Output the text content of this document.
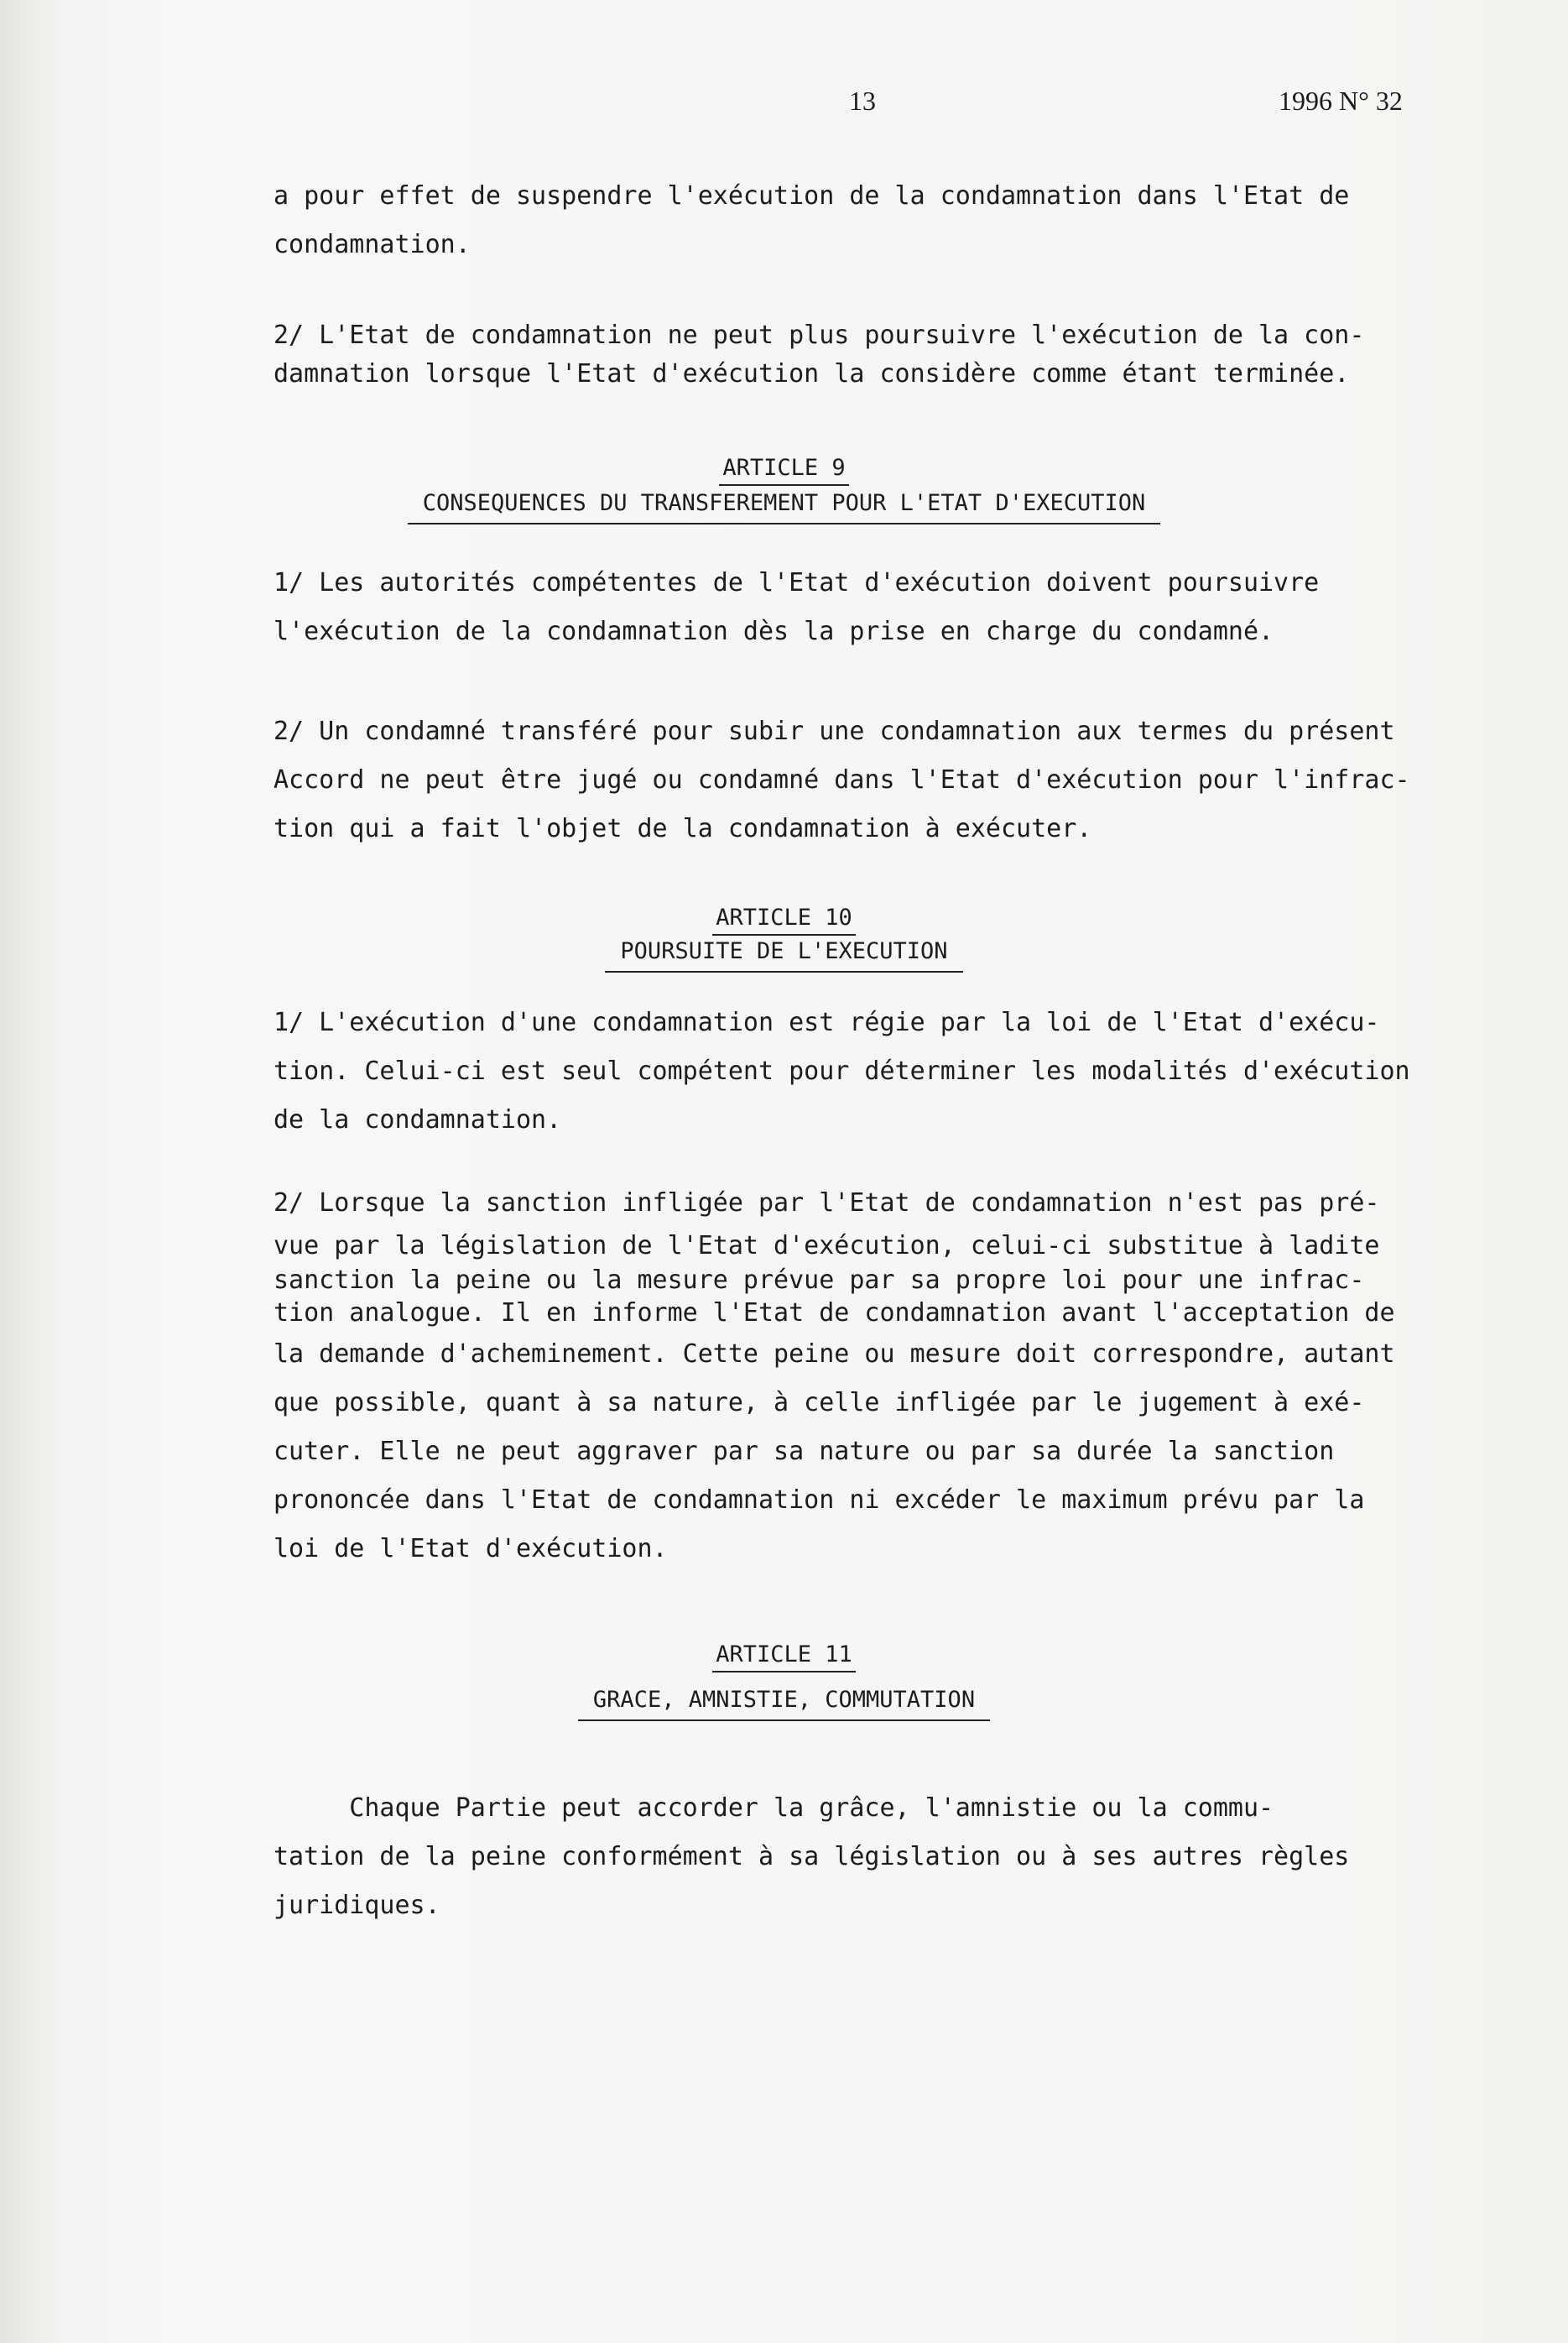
13	1996 N° 32
a pour effet de suspendre l'exécution de la condamnation dans l'Etat de
condamnation.
2/ L'Etat de condamnation ne peut plus poursuivre l'exécution de la con-
damnation lorsque l'Etat d'exécution la considère comme étant terminée.
ARTICLE 9
CONSEQUENCES DU TRANSFEREMENT POUR L'ETAT D'EXECUTION
1/ Les autorités compétentes de l'Etat d'exécution doivent poursuivre
l'exécution de la condamnation dès la prise en charge du condamné.
2/ Un condamné transféré pour subir une condamnation aux termes du présent
Accord ne peut être jugé ou condamné dans l'Etat d'exécution pour l'infrac-
tion qui a fait l'objet de la condamnation à exécuter.
ARTICLE 10
POURSUITE DE L'EXECUTION
1/ L'exécution d'une condamnation est régie par la loi de l'Etat d'exécu-
tion. Celui-ci est seul compétent pour déterminer les modalités d'exécution
de la condamnation.
2/ Lorsque la sanction infligée par l'Etat de condamnation n'est pas pré-
vue par la législation de l'Etat d'exécution, celui-ci substitue à ladite
sanction la peine ou la mesure prévue par sa propre loi pour une infrac-
tion analogue. Il en informe l'Etat de condamnation avant l'acceptation de
la demande d'acheminement. Cette peine ou mesure doit correspondre, autant
que possible, quant à sa nature, à celle infligée par le jugement à exé-
cuter. Elle ne peut aggraver par sa nature ou par sa durée la sanction
prononcée dans l'Etat de condamnation ni excéder le maximum prévu par la
loi de l'Etat d'exécution.
ARTICLE 11
GRACE, AMNISTIE, COMMUTATION
Chaque Partie peut accorder la grâce, l'amnistie ou la commu-
tation de la peine conformément à sa législation ou à ses autres règles
juridiques.
